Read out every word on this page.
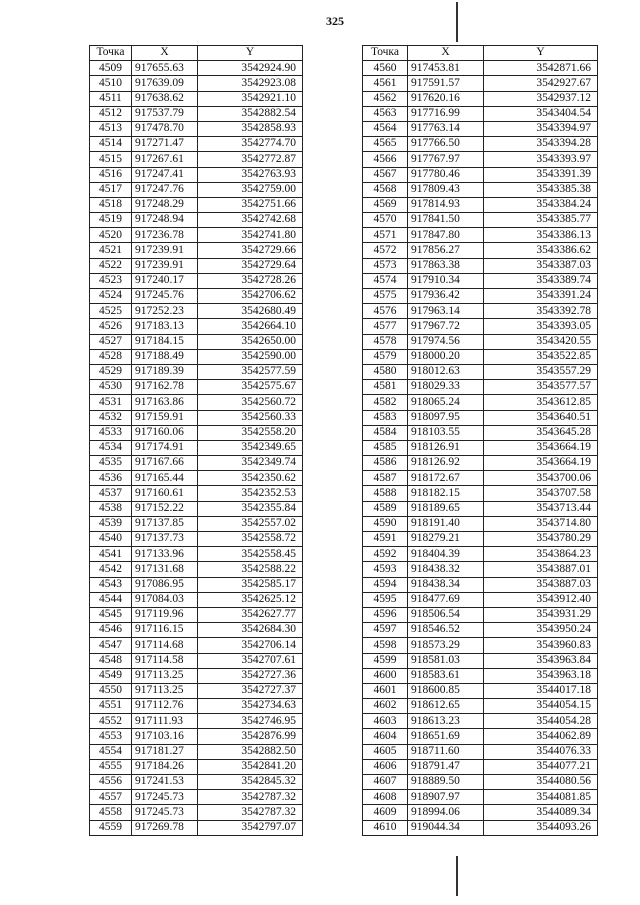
325
Точка	X	Y
4509	917655.63	3542924.90
4510	917639.09	3542923.08
4511	917638.62	3542921.10
4512	917537.79	3542882.54
4513	917478.70	3542858.93
4514	917271.47	3542774.70
4515	917267.61	3542772.87
4516	917247.41	3542763.93
4517	917247.76	3542759.00
4518	917248.29	3542751.66
4519	917248.94	3542742.68
4520	917236.78	3542741.80
4521	917239.91	3542729.66
4522	917239.91	3542729.64
4523	917240.17	3542728.26
4524	917245.76	3542706.62
4525	917252.23	3542680.49
4526	917183.13	3542664.10
4527	917184.15	3542650.00
4528	917188.49	3542590.00
4529	917189.39	3542577.59
4530	917162.78	3542575.67
4531	917163.86	3542560.72
4532	917159.91	3542560.33
4533	917160.06	3542558.20
4534	917174.91	3542349.65
4535	917167.66	3542349.74
4536	917165.44	3542350.62
4537	917160.61	3542352.53
4538	917152.22	3542355.84
4539	917137.85	3542557.02
4540	917137.73	3542558.72
4541	917133.96	3542558.45
4542	917131.68	3542588.22
4543	917086.95	3542585.17
4544	917084.03	3542625.12
4545	917119.96	3542627.77
4546	917116.15	3542684.30
4547	917114.68	3542706.14
4548	917114.58	3542707.61
4549	917113.25	3542727.36
4550	917113.25	3542727.37
4551	917112.76	3542734.63
4552	917111.93	3542746.95
4553	917103.16	3542876.99
4554	917181.27	3542882.50
4555	917184.26	3542841.20
4556	917241.53	3542845.32
4557	917245.73	3542787.32
4558	917245.73	3542787.32
4559	917269.78	3542797.07
Точка	X	Y
4560	917453.81	3542871.66
4561	917591.57	3542927.67
4562	917620.16	3542937.12
4563	917716.99	3543404.54
4564	917763.14	3543394.97
4565	917766.50	3543394.28
4566	917767.97	3543393.97
4567	917780.46	3543391.39
4568	917809.43	3543385.38
4569	917814.93	3543384.24
4570	917841.50	3543385.77
4571	917847.80	3543386.13
4572	917856.27	3543386.62
4573	917863.38	3543387.03
4574	917910.34	3543389.74
4575	917936.42	3543391.24
4576	917963.14	3543392.78
4577	917967.72	3543393.05
4578	917974.56	3543420.55
4579	918000.20	3543522.85
4580	918012.63	3543557.29
4581	918029.33	3543577.57
4582	918065.24	3543612.85
4583	918097.95	3543640.51
4584	918103.55	3543645.28
4585	918126.91	3543664.19
4586	918126.92	3543664.19
4587	918172.67	3543700.06
4588	918182.15	3543707.58
4589	918189.65	3543713.44
4590	918191.40	3543714.80
4591	918279.21	3543780.29
4592	918404.39	3543864.23
4593	918438.32	3543887.01
4594	918438.34	3543887.03
4595	918477.69	3543912.40
4596	918506.54	3543931.29
4597	918546.52	3543950.24
4598	918573.29	3543960.83
4599	918581.03	3543963.84
4600	918583.61	3543963.18
4601	918600.85	3544017.18
4602	918612.65	3544054.15
4603	918613.23	3544054.28
4604	918651.69	3544062.89
4605	918711.60	3544076.33
4606	918791.47	3544077.21
4607	918889.50	3544080.56
4608	918907.97	3544081.85
4609	918994.06	3544089.34
4610	919044.34	3544093.26
